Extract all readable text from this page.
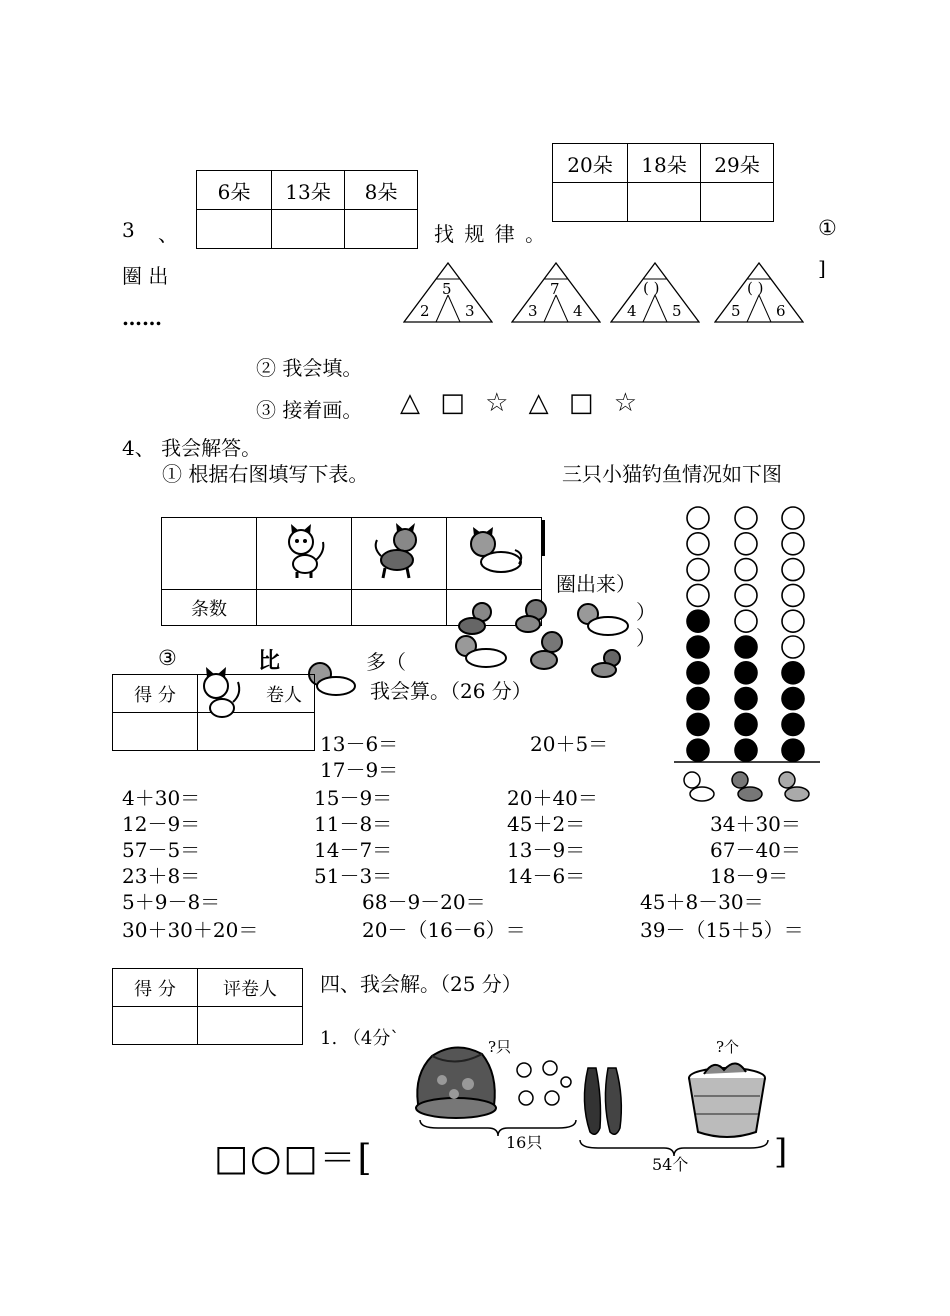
6朵	13朵	8朵

20朵	18朵	29朵

3 、	找 规 律 。	①
圈 出	]
……
5
2 3
7
3 4
( )
4 5
( )
5 6
② 我会填。
③ 接着画。 △ □ ☆ △ □ ☆
4、 我会解答。
① 根据右图填写下表。	三只小猫钓鱼情况如下图

条数			
圈出来）
）
）
③	比	多（
得 分	卷人
		我会算。（26 分）
13－6＝	20＋5＝
17－9＝
4＋30＝	15－9＝	20＋40＝
12－9＝	11－8＝	45＋2＝	34＋30＝
57－5＝	14－7＝	13－9＝	67－40＝
23＋8＝	51－3＝	14－6＝	18－9＝
5＋9－8＝	68－9－20＝	45＋8－30＝
30＋30＋20＝	20－（16－6）＝	39－（15＋5）＝
得 分	评卷人
	四、我会解。（25 分）
1. （4分`	?只	?个
16只
54个
□○□＝[	]
